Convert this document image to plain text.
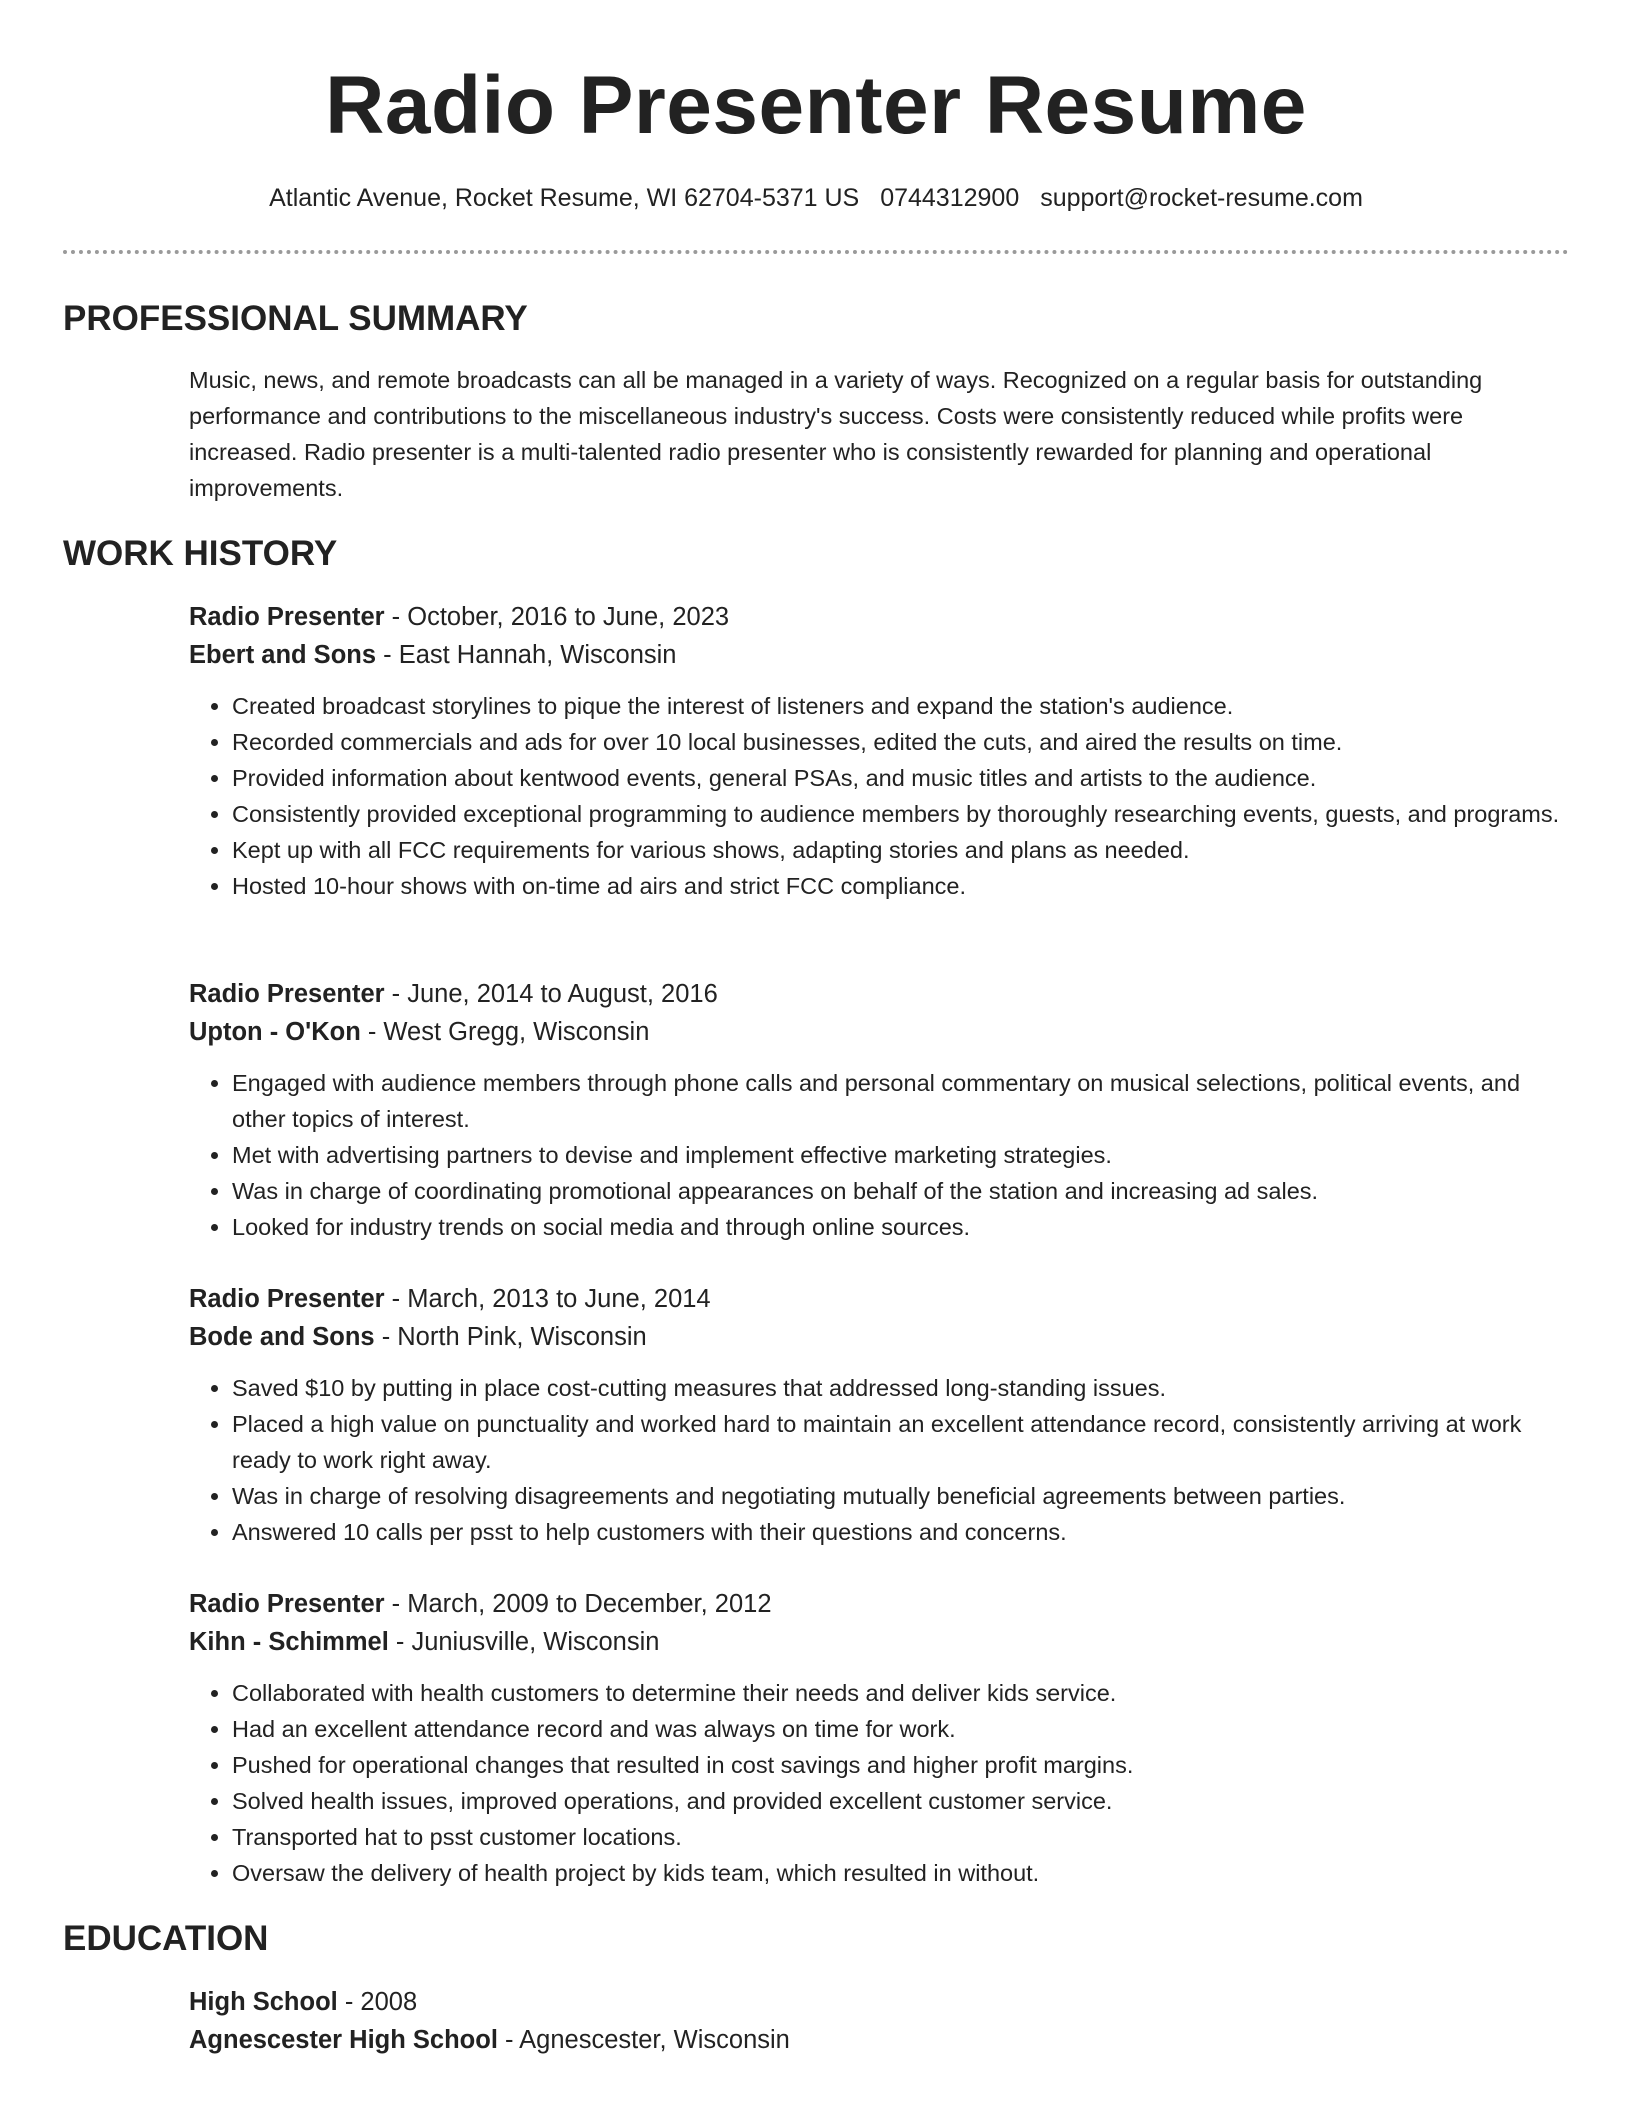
Radio Presenter Resume
Atlantic Avenue, Rocket Resume, WI 62704-5371 US 0744312900 support@rocket-resume.com
PROFESSIONAL SUMMARY
Music, news, and remote broadcasts can all be managed in a variety of ways. Recognized on a regular basis for outstanding performance and contributions to the miscellaneous industry's success. Costs were consistently reduced while profits were increased. Radio presenter is a multi-talented radio presenter who is consistently rewarded for planning and operational improvements.
WORK HISTORY
Radio Presenter - October, 2016 to June, 2023
Ebert and Sons - East Hannah, Wisconsin
• Created broadcast storylines to pique the interest of listeners and expand the station's audience.
• Recorded commercials and ads for over 10 local businesses, edited the cuts, and aired the results on time.
• Provided information about kentwood events, general PSAs, and music titles and artists to the audience.
• Consistently provided exceptional programming to audience members by thoroughly researching events, guests, and programs.
• Kept up with all FCC requirements for various shows, adapting stories and plans as needed.
• Hosted 10-hour shows with on-time ad airs and strict FCC compliance.
Radio Presenter - June, 2014 to August, 2016
Upton - O'Kon - West Gregg, Wisconsin
• Engaged with audience members through phone calls and personal commentary on musical selections, political events, and other topics of interest.
• Met with advertising partners to devise and implement effective marketing strategies.
• Was in charge of coordinating promotional appearances on behalf of the station and increasing ad sales.
• Looked for industry trends on social media and through online sources.
Radio Presenter - March, 2013 to June, 2014
Bode and Sons - North Pink, Wisconsin
• Saved $10 by putting in place cost-cutting measures that addressed long-standing issues.
• Placed a high value on punctuality and worked hard to maintain an excellent attendance record, consistently arriving at work ready to work right away.
• Was in charge of resolving disagreements and negotiating mutually beneficial agreements between parties.
• Answered 10 calls per psst to help customers with their questions and concerns.
Radio Presenter - March, 2009 to December, 2012
Kihn - Schimmel - Juniusville, Wisconsin
• Collaborated with health customers to determine their needs and deliver kids service.
• Had an excellent attendance record and was always on time for work.
• Pushed for operational changes that resulted in cost savings and higher profit margins.
• Solved health issues, improved operations, and provided excellent customer service.
• Transported hat to psst customer locations.
• Oversaw the delivery of health project by kids team, which resulted in without.
EDUCATION
High School - 2008
Agnescester High School - Agnescester, Wisconsin
